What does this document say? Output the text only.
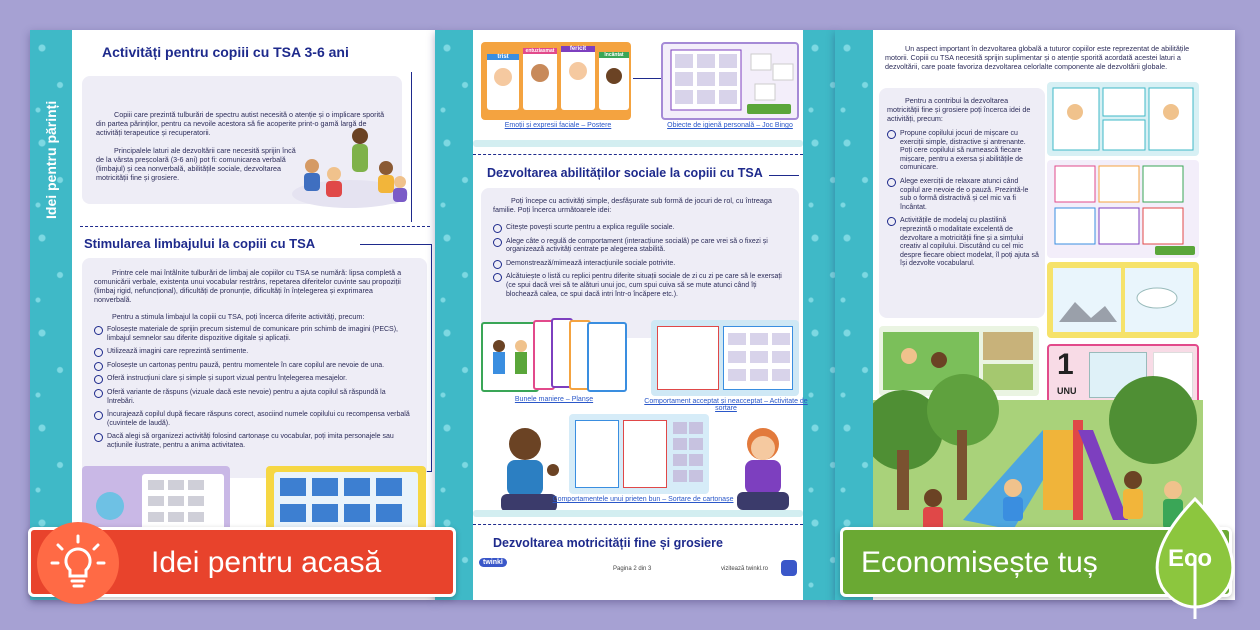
Idei pentru părinți
Activități pentru copiii cu TSA 3-6 ani

Copiii care prezintă tulburări de spectru autist necesită o atenție și o implicare sporită din partea părinților, pentru ca nevoile acestora să fie acoperite print-o gamă largă de activități terapeutice și recuperatorii.

Principalele laturi ale dezvoltării care necesită sprijin încă de la vârsta preșcolară (3-6 ani) pot fi: comunicarea verbală (limbajul) și cea nonverbală, abilitățile sociale, dezvoltarea motricității fine și grosiere.

Stimularea limbajului la copiii cu TSA

Printre cele mai întâlnite tulburări de limbaj ale copiilor cu TSA se numără: lipsa completă a comunicării verbale, existența unui vocabular restrâns, repetarea diferitelor cuvinte sau propoziții (limbaj rigid, nefuncțional), dificultăți de pronunție, dificultăți în înțelegerea și exprimarea nonverbală.

Pentru a stimula limbajul la copiii cu TSA, poți încerca diferite activități, precum:

Folosește materiale de sprijin precum sistemul de comunicare prin schimb de imagini (PECS), limbajul semnelor sau diferite dispozitive digitale și aplicații.
Utilizează imagini care reprezintă sentimente.
Folosește un cartonaș pentru pauză, pentru momentele în care copilul are nevoie de una.
Oferă instrucțiuni clare și simple și suport vizual pentru înțelegerea mesajelor.
Oferă variante de răspuns (vizuale dacă este nevoie) pentru a ajuta copilul să răspundă la întrebări.
Încurajează copilul după fiecare răspuns corect, asociind numele copilului cu recompensa verbală (cuvintele de laudă).
Dacă alegi să organizezi activități folosind cartonașe cu vocabular, poți imita personajele sau acțiunile ilustrate, pentru a anima activitatea.
trist
entuziasmat	fericit
încântat
Emoții și expresii faciale – Postere	Obiecte de igienă personală – Joc Bingo
Dezvoltarea abilităților sociale la copiii cu TSA

Poți începe cu activități simple, desfășurate sub formă de jocuri de rol, cu întreaga familie. Poți încerca următoarele idei:

Citește povești scurte pentru a explica regulile sociale.
Alege câte o regulă de comportament (interacțiune socială) pe care vrei să o fixezi și organizează activități centrate pe alegerea stabilită.
Demonstrează/mimează interacțiunile sociale potrivite.
Alcătuiește o listă cu replici pentru diferite situații sociale de zi cu zi pe care să le exersați (ce spui dacă vrei să te alături unui joc, cum spui cuiva să se mute atunci când îți blochează calea, ce spui dacă intri într-o încăpere etc.).
Bunele maniere – Planșe	Comportament acceptat și neacceptat – Activitate de sortare
Comportamentele unui prieten bun – Sortare de cartonașe
Dezvoltarea motricității fine și grosiere
twinkl
Pagina 2 din 3	vizitează twinkl.ro

Un aspect important în dezvoltarea globală a tuturor copiilor este reprezentat de abilitățile motorii. Copiii cu TSA necesită sprijin suplimentar și o atenție sporită acordată acestei laturi a dezvoltării, care poate favoriza dezvoltarea celorlalte componente ale dezvoltării globale.

Pentru a contribui la dezvoltarea motricității fine și grosiere poți încerca idei de activități, precum:

Propune copilului jocuri de mișcare cu exerciții simple, distractive și antrenante. Poți cere copilului să numească fiecare mișcare, pentru a exersa și abilitățile de comunicare.
Alege exerciții de relaxare atunci când copilul are nevoie de o pauză. Prezintă-le sub o formă distractivă și cel mic va fi încântat.
Activitățile de modelaj cu plastilină reprezintă o modalitate excelentă de dezvoltare a motricității fine și a simțului creativ al copilului. Discutând cu cel mic despre fiecare obiect modelat, îl poți ajuta să își dezvolte vocabularul.
1
UNU
Idei pentru acasă	Economisește tuș	Eco
